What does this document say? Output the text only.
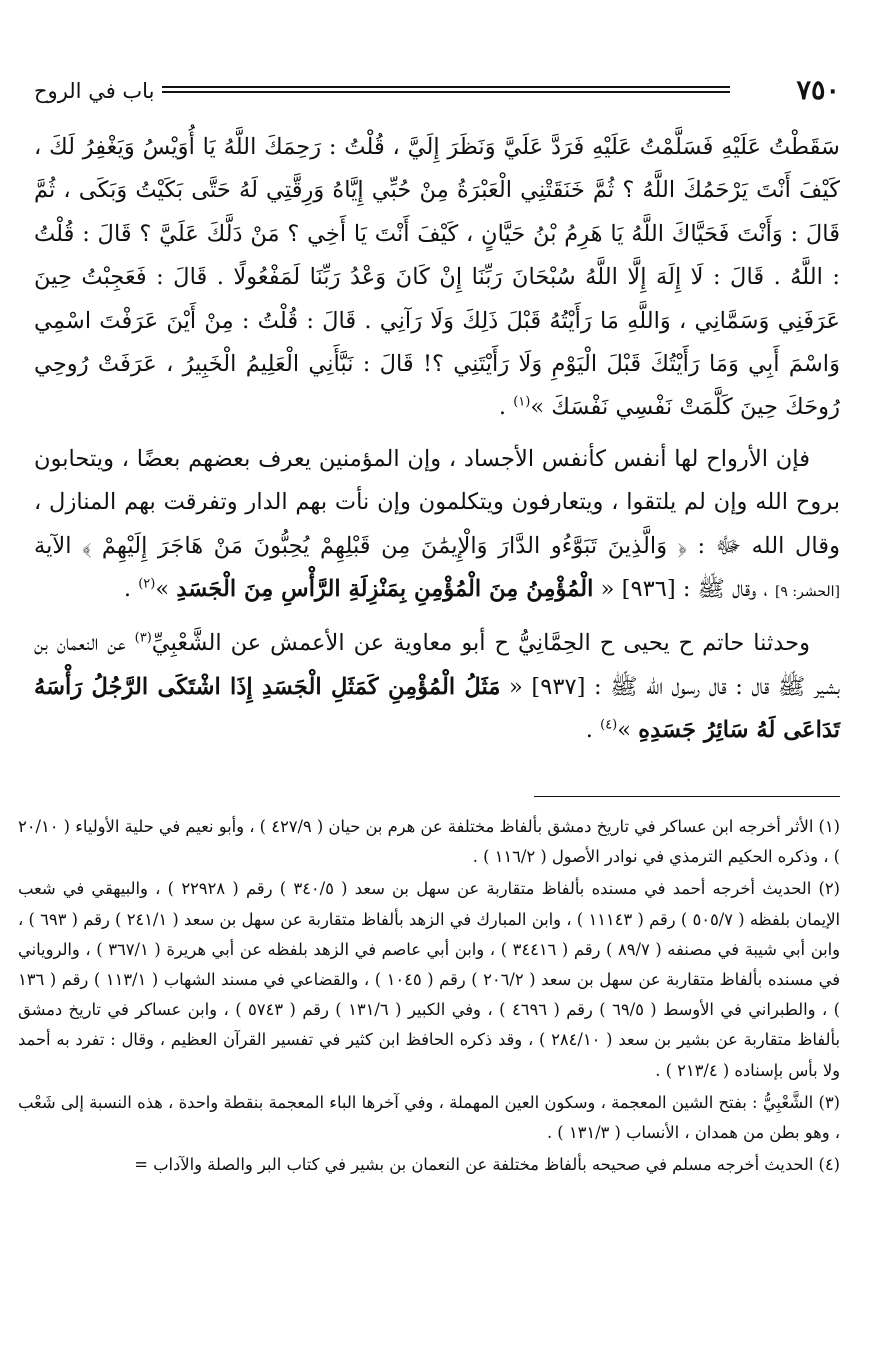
٧٥٠
باب في الروح

سَقَطْتُ عَلَيْهِ فَسَلَّمْتُ عَلَيْهِ فَرَدَّ عَلَيَّ وَنَظَرَ إِلَيَّ ، قُلْتُ : رَحِمَكَ اللَّهُ يَا أُوَيْسُ وَيَغْفِرُ لَكَ ، كَيْفَ أَنْتَ يَرْحَمُكَ اللَّهُ ؟ ثُمَّ خَنَقَتْنِي الْعَبْرَةُ مِنْ حُبِّي إِيَّاهُ وَرِقَّتِي لَهُ حَتَّى بَكَيْتُ وَبَكَى ، ثُمَّ قَالَ : وَأَنْتَ فَحَيَّاكَ اللَّهُ يَا هَرِمُ بْنُ حَيَّانٍ ، كَيْفَ أَنْتَ يَا أَخِي ؟ مَنْ دَلَّكَ عَلَيَّ ؟ قَالَ : قُلْتُ : اللَّهُ . قَالَ : لَا إِلَهَ إِلَّا اللَّهُ سُبْحَانَ رَبِّنَا إِنْ كَانَ وَعْدُ رَبِّنَا لَمَفْعُولًا . قَالَ : فَعَجِبْتُ حِينَ عَرَفَنِي وَسَمَّانِي ، وَاللَّهِ مَا رَأَيْتُهُ قَبْلَ ذَلِكَ وَلَا رَآنِي . قَالَ : قُلْتُ : مِنْ أَيْنَ عَرَفْتَ اسْمِي وَاسْمَ أَبِي وَمَا رَأَيْتُكَ قَبْلَ الْيَوْمِ وَلَا رَأَيْتَنِي ؟! قَالَ : نَبَّأَنِي الْعَلِيمُ الْخَبِيرُ ، عَرَفَتْ رُوحِي رُوحَكَ حِينَ كَلَّمَتْ نَفْسِي نَفْسَكَ »$^{(١)}$ .

فإن الأرواح لها أنفس كأنفس الأجساد ، وإن المؤمنين يعرف بعضهم بعضًا ، ويتحابون بروح الله وإن لم يلتقوا ، ويتعارفون ويتكلمون وإن نأت بهم الدار وتفرقت بهم المنازل ، وقال الله ﷻ : ﴿ وَالَّذِينَ تَبَوَّءُو الدَّارَ وَالْإِيمَٰنَ مِن قَبْلِهِمْ يُحِبُّونَ مَنْ هَاجَرَ إِلَيْهِمْ ﴾ الآية [الحشر: ٩] ، وقال ﷺ : [٩٣٦] « الْمُؤْمِنُ مِنَ الْمُؤْمِنِ بِمَنْزِلَةِ الرَّأْسِ مِنَ الْجَسَدِ »$^{(٢)}$ .

وحدثنا حاتم ح يحيى ح الحِمَّانِيُّ ح أبو معاوية عن الأعمش عن الشَّعْبِيِّ$^{(٣)}$ عن النعمان بن بشير ﷺ قال : قال رسول الله ﷺ : [٩٣٧] « مَثَلُ الْمُؤْمِنِ كَمَثَلِ الْجَسَدِ إِذَا اشْتَكَى الرَّجُلُ رَأْسَهُ تَدَاعَى لَهُ سَائِرُ جَسَدِهِ »$^{(٤)}$ .

(١) الأثر أخرجه ابن عساكر في تاريخ دمشق بألفاظ مختلفة عن هرم بن حيان ( ٤٢٧/٩ ) ، وأبو نعيم في حلية الأولياء ( ٢٠/١٠ ) ، وذكره الحكيم الترمذي في نوادر الأصول ( ١١٦/٢ ) .

(٢) الحديث أخرجه أحمد في مسنده بألفاظ متقاربة عن سهل بن سعد ( ٣٤٠/٥ ) رقم ( ٢٢٩٢٨ ) ، والبيهقي في شعب الإيمان بلفظه ( ٥٠٥/٧ ) رقم ( ١١١٤٣ ) ، وابن المبارك في الزهد بألفاظ متقاربة عن سهل بن سعد ( ٢٤١/١ ) رقم ( ٦٩٣ ) ، وابن أبي شيبة في مصنفه ( ٨٩/٧ ) رقم ( ٣٤٤١٦ ) ، وابن أبي عاصم في الزهد بلفظه عن أبي هريرة ( ٣٦٧/١ ) ، والروياني في مسنده بألفاظ متقاربة عن سهل بن سعد ( ٢٠٦/٢ ) رقم ( ١٠٤٥ ) ، والقضاعي في مسند الشهاب ( ١١٣/١ ) رقم ( ١٣٦ ) ، والطبراني في الأوسط ( ٦٩/٥ ) رقم ( ٤٦٩٦ ) ، وفي الكبير ( ١٣١/٦ ) رقم ( ٥٧٤٣ ) ، وابن عساكر في تاريخ دمشق بألفاظ متقاربة عن بشير بن سعد ( ٢٨٤/١٠ ) ، وقد ذكره الحافظ ابن كثير في تفسير القرآن العظيم ، وقال : تفرد به أحمد ولا بأس بإسناده ( ٢١٣/٤ ) .

(٣) الشَّعْبِيُّ : بفتح الشين المعجمة ، وسكون العين المهملة ، وفي آخرها الباء المعجمة بنقطة واحدة ، هذه النسبة إلى شَعْب ، وهو بطن من همدان ، الأنساب ( ١٣١/٣ ) .

(٤) الحديث أخرجه مسلم في صحيحه بألفاظ مختلفة عن النعمان بن بشير في كتاب البر والصلة والآداب =
